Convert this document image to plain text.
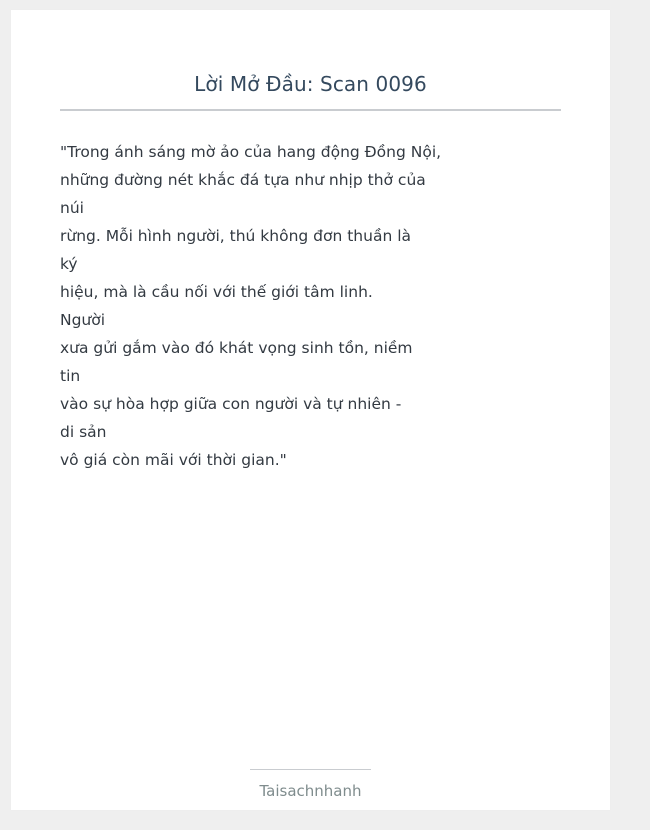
Lời Mở Đầu: Scan 0096
"Trong ánh sáng mờ ảo của hang động Đồng Nội,
những đường nét khắc đá tựa như nhịp thở của
núi
rừng. Mỗi hình người, thú không đơn thuần là
ký
hiệu, mà là cầu nối với thế giới tâm linh.
Người
xưa gửi gắm vào đó khát vọng sinh tồn, niềm
tin
vào sự hòa hợp giữa con người và tự nhiên -
di sản
vô giá còn mãi với thời gian."
Taisachnhanh
